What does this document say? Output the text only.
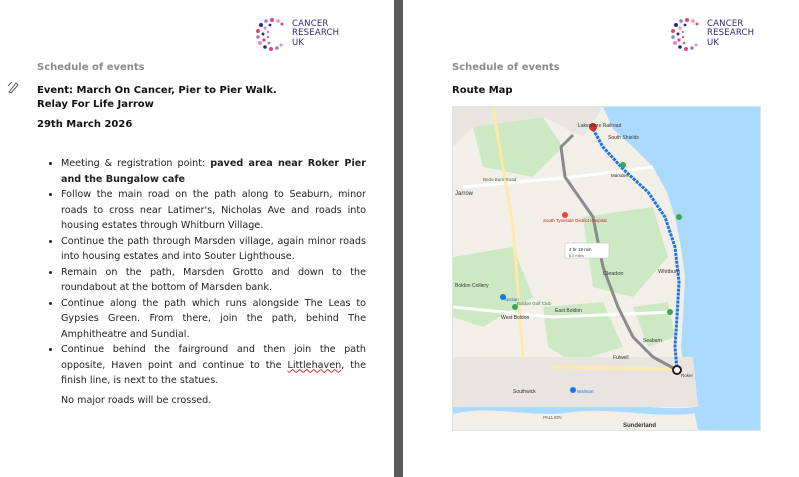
CANCER
RESEARCH
UK
Schedule of events
Event: March On Cancer, Pier to Pier Walk.
Relay For Life Jarrow
29th March 2026
• Meeting & registration point: paved area near Roker Pier and the Bungalow cafe
• Follow the main road on the path along to Seaburn, minor roads to cross near Latimer's, Nicholas Ave and roads into housing estates through Whitburn Village.
• Continue the path through Marsden village, again minor roads into housing estates and into Souter Lighthouse.
• Remain on the path, Marsden Grotto and down to the roundabout at the bottom of Marsden bank.
• Continue along the path which runs alongside The Leas to Gypsies Green. From there, join the path, behind The Amphitheatre and Sundial.
• Continue behind the fairground and then join the path opposite, Haven point and continue to the Littlehaven, the finish line, is next to the statues.
No major roads will be crossed.
CANCER
RESEARCH
UK
Schedule of events
Route Map
Lakeshore Railroad
South Shields
Jarrow
Bede Burn Road
South Tyneside District Hospital
Marsden
2 hr 19 min
6.3 miles
Cleadon	Whitburn
Boldon Colliery
West Boldon
East Boldon
Boldon Golf Club
Seaburn
Fulwell
Roker
Southwick	Walmart
Nissan
PALLION
Sunderland
